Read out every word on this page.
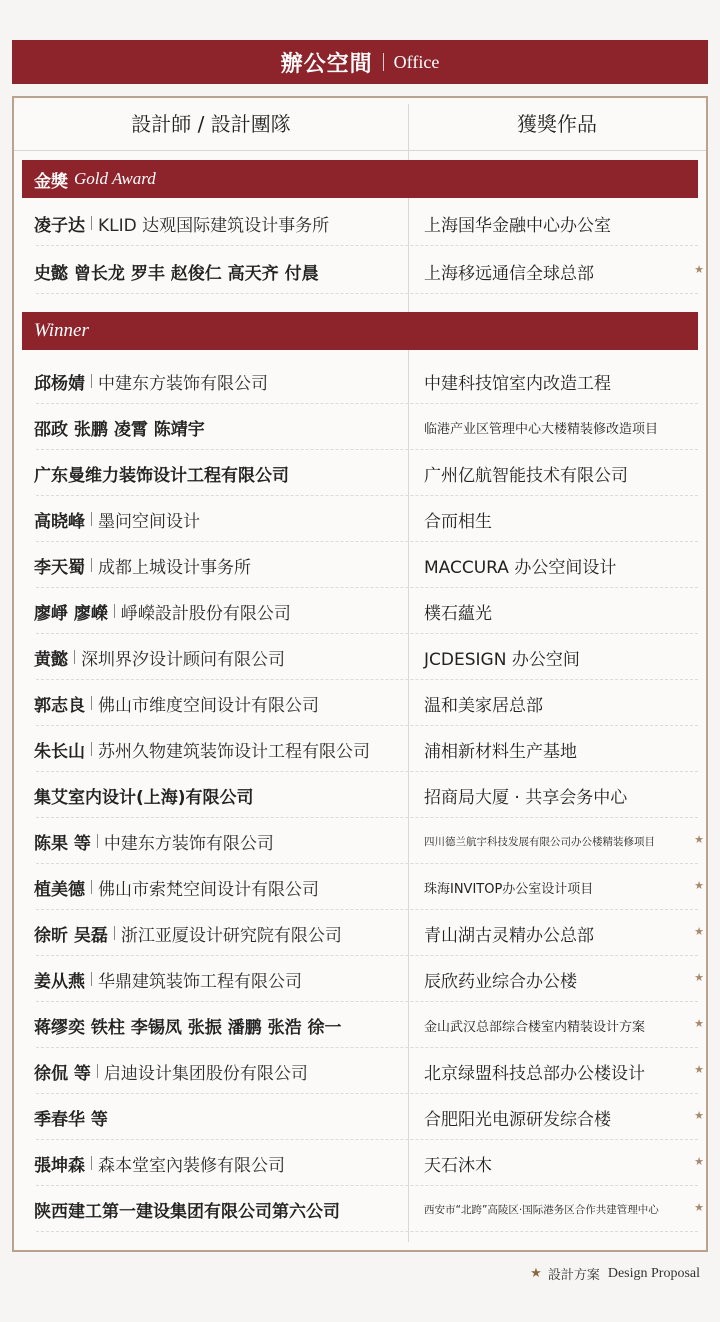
辦公空間 Office
設計師 / 設計團隊	獲獎作品
金獎 Gold Award
凌子达 KLID 达观国际建筑设计事务所	上海国华金融中心办公室
史懿 曾长龙 罗丰 赵俊仁 高天齐 付晨	上海移远通信全球总部	★
Winner
邱杨婧 中建东方装饰有限公司	中建科技馆室内改造工程
邵政 张鹏 凌霄 陈靖宇	临港产业区管理中心大楼精装修改造项目
广东曼维力装饰设计工程有限公司	广州亿航智能技术有限公司
高晓峰 墨问空间设计	合而相生
李天蜀 成都上城设计事务所	MACCURA 办公空间设计
廖崢 廖嶸 崢嶸設計股份有限公司	樸石蘊光
黄懿 深圳界汐设计顾问有限公司	JCDESIGN 办公空间
郭志良 佛山市维度空间设计有限公司	温和美家居总部
朱长山 苏州久物建筑装饰设计工程有限公司	浦相新材料生产基地
集艾室内设计(上海)有限公司	招商局大厦 · 共享会务中心
陈果 等 中建东方装饰有限公司	四川德兰航宇科技发展有限公司办公楼精装修项目	★
植美德 佛山市索梵空间设计有限公司	珠海INVITOP办公室设计项目	★
徐昕 吴磊 浙江亚厦设计研究院有限公司	青山湖古灵精办公总部	★
姜从燕 华鼎建筑装饰工程有限公司	辰欣药业综合办公楼	★
蒋缪奕 铁柱 李锡凤 张振 潘鹏 张浩 徐一	金山武汉总部综合楼室内精装设计方案	★
徐侃 等 启迪设计集团股份有限公司	北京绿盟科技总部办公楼设计	★
季春华 等	合肥阳光电源研发综合楼	★
張坤森 森本堂室內裝修有限公司	天石沐木	★
陕西建工第一建设集团有限公司第六公司	西安市“北跨”高陵区·国际港务区合作共建管理中心	★
★ 設計方案 Design Proposal
